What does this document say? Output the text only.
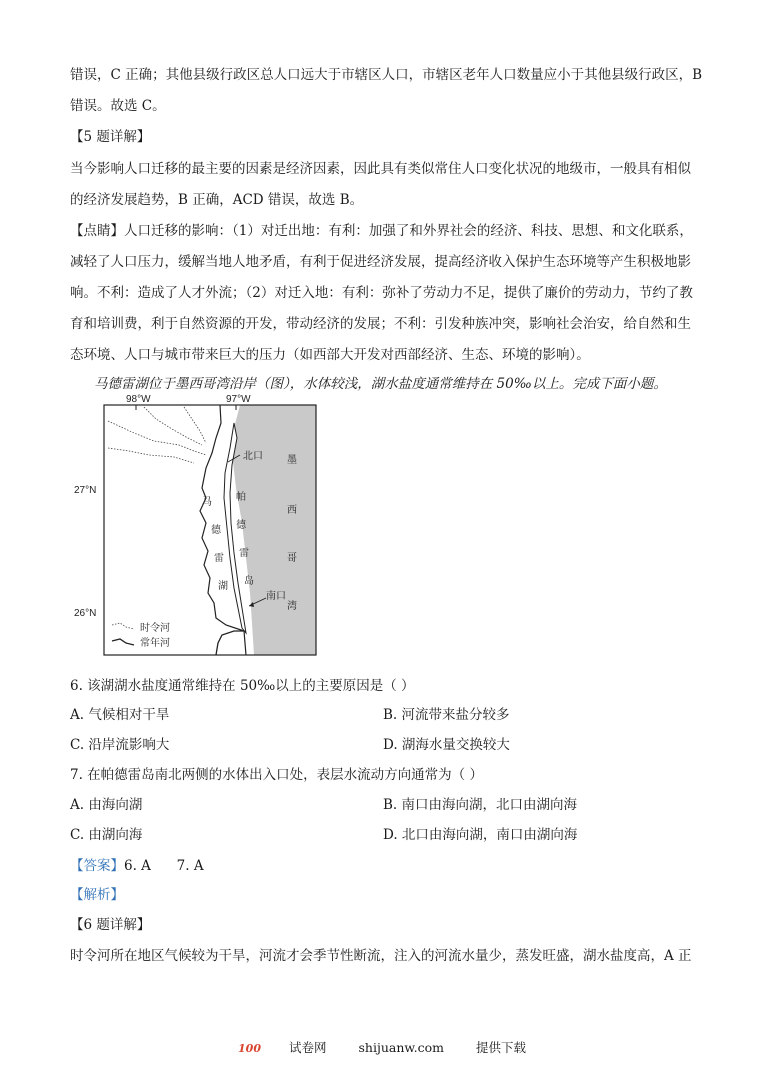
错误，C 正确；其他县级行政区总人口远大于市辖区人口，市辖区老年人口数量应小于其他县级行政区，B
错误。故选 C。
【5 题详解】
当今影响人口迁移的最主要的因素是经济因素，因此具有类似常住人口变化状况的地级市，一般具有相似
的经济发展趋势，B 正确，ACD 错误，故选 B。
【点睛】人口迁移的影响：（1）对迁出地：有利：加强了和外界社会的经济、科技、思想、和文化联系，
减轻了人口压力，缓解当地人地矛盾，有利于促进经济发展，提高经济收入保护生态环境等产生积极地影
响。不利：造成了人才外流；（2）对迁入地：有利：弥补了劳动力不足，提供了廉价的劳动力，节约了教
育和培训费，利于自然资源的开发，带动经济的发展；不利：引发种族冲突，影响社会治安，给自然和生
态环境、人口与城市带来巨大的压力（如西部大开发对西部经济、生态、环境的影响）。
马德雷湖位于墨西哥湾沿岸（图），水体较浅，湖水盐度通常维持在 50‰以上。完成下面小题。
98°W	97°W
27°N
26°N
北口
南口
马
德
雷
湖
帕
德
雷
岛
墨
西
哥
湾
时令河
常年河
6. 该湖湖水盐度通常维持在 50‰以上的主要原因是（ ）
A. 气候相对干旱	B. 河流带来盐分较多
C. 沿岸流影响大	D. 湖海水量交换较大
7. 在帕德雷岛南北两侧的水体出入口处，表层水流动方向通常为（ ）
A. 由海向湖	B. 南口由海向湖，北口由湖向海
C. 由湖向海	D. 北口由海向湖，南口由湖向海
【答案】6. A      7. A
【解析】
【6 题详解】
时令河所在地区气候较为干旱，河流才会季节性断流，注入的河流水量少，蒸发旺盛，湖水盐度高，A 正
100 试卷网	shijuanw.com	提供下载
